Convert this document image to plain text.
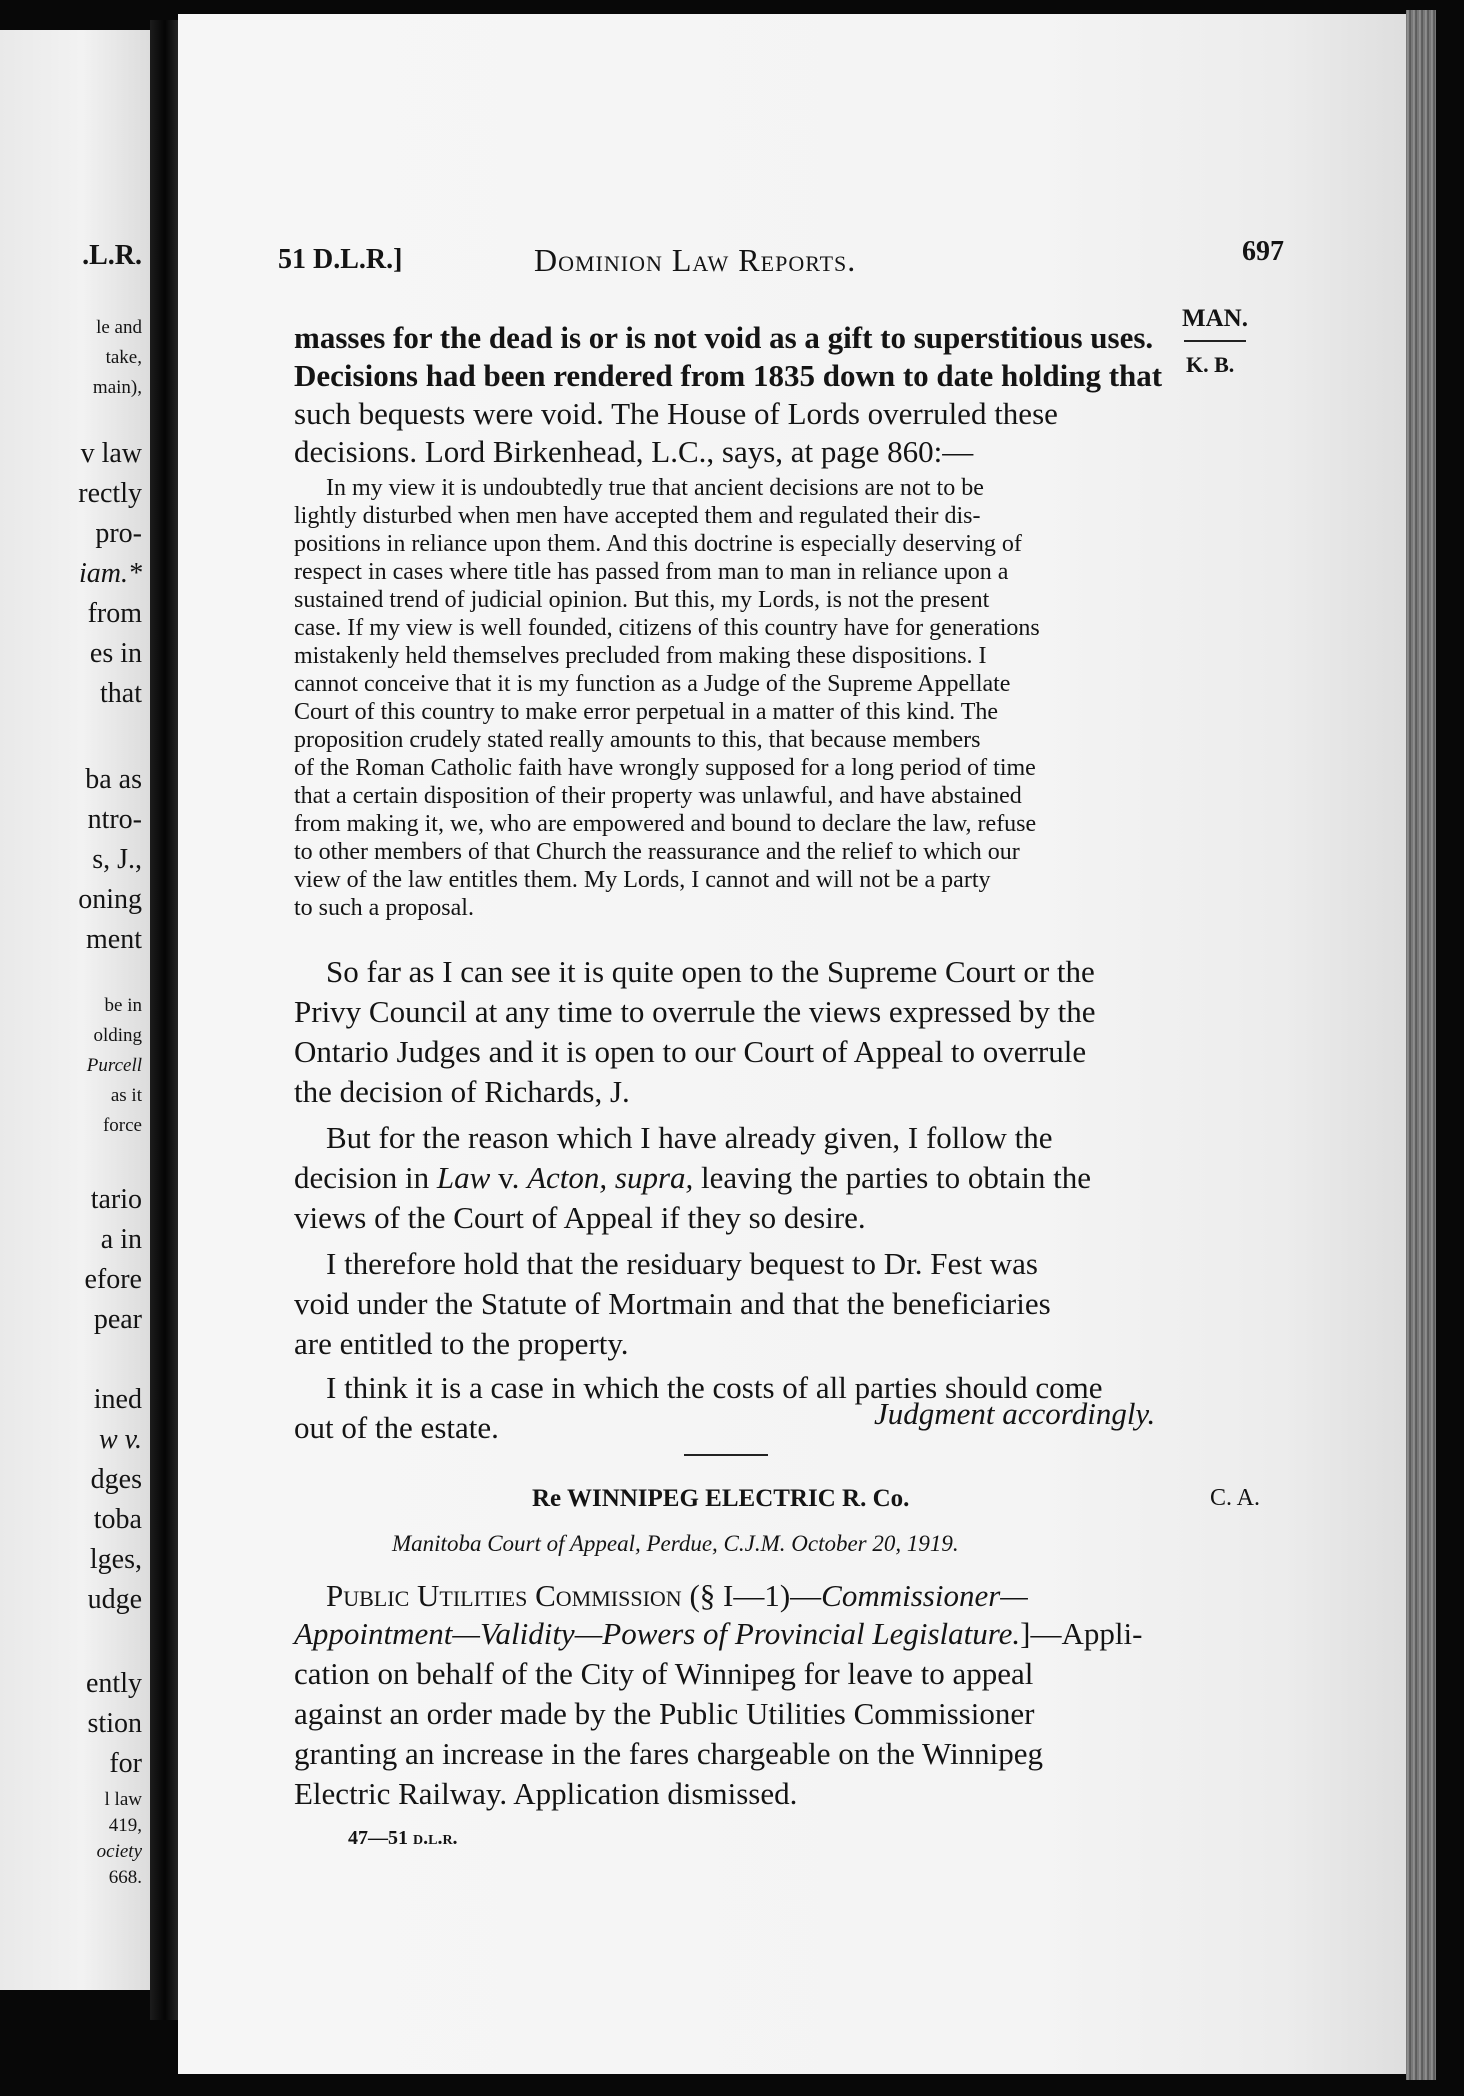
.L.R.
le and
take,
main),
v law
rectly
pro-
iam.*
from
es in
that
ba as
ntro-
s, J.,
oning
ment
be in
olding
Purcell
as it
force
tario
a in
efore
pear
ined
w v.
dges
toba
lges,
udge
ently
stion
for
l law
419,
ociety
668.
51 D.L.R.]	Dominion Law Reports.	697
MAN.
K. B.
masses for the dead is or is not void as a gift to superstitious uses.
Decisions had been rendered from 1835 down to date holding that
such bequests were void. The House of Lords overruled these
decisions. Lord Birkenhead, L.C., says, at page 860:—
In my view it is undoubtedly true that ancient decisions are not to be
lightly disturbed when men have accepted them and regulated their dis-
positions in reliance upon them. And this doctrine is especially deserving of
respect in cases where title has passed from man to man in reliance upon a
sustained trend of judicial opinion. But this, my Lords, is not the present
case. If my view is well founded, citizens of this country have for generations
mistakenly held themselves precluded from making these dispositions. I
cannot conceive that it is my function as a Judge of the Supreme Appellate
Court of this country to make error perpetual in a matter of this kind. The
proposition crudely stated really amounts to this, that because members
of the Roman Catholic faith have wrongly supposed for a long period of time
that a certain disposition of their property was unlawful, and have abstained
from making it, we, who are empowered and bound to declare the law, refuse
to other members of that Church the reassurance and the relief to which our
view of the law entitles them. My Lords, I cannot and will not be a party
to such a proposal.
So far as I can see it is quite open to the Supreme Court or the
Privy Council at any time to overrule the views expressed by the
Ontario Judges and it is open to our Court of Appeal to overrule
the decision of Richards, J.
But for the reason which I have already given, I follow the
decision in Law v. Acton, supra, leaving the parties to obtain the
views of the Court of Appeal if they so desire.
I therefore hold that the residuary bequest to Dr. Fest was
void under the Statute of Mortmain and that the beneficiaries
are entitled to the property.
I think it is a case in which the costs of all parties should come
out of the estate.	Judgment accordingly.
Re WINNIPEG ELECTRIC R. Co.	C. A.
Manitoba Court of Appeal, Perdue, C.J.M. October 20, 1919.
Public Utilities Commission (§ I—1)—Commissioner—
Appointment—Validity—Powers of Provincial Legislature.]—Appli-
cation on behalf of the City of Winnipeg for leave to appeal
against an order made by the Public Utilities Commissioner
granting an increase in the fares chargeable on the Winnipeg
Electric Railway. Application dismissed.
47—51 d.l.r.
